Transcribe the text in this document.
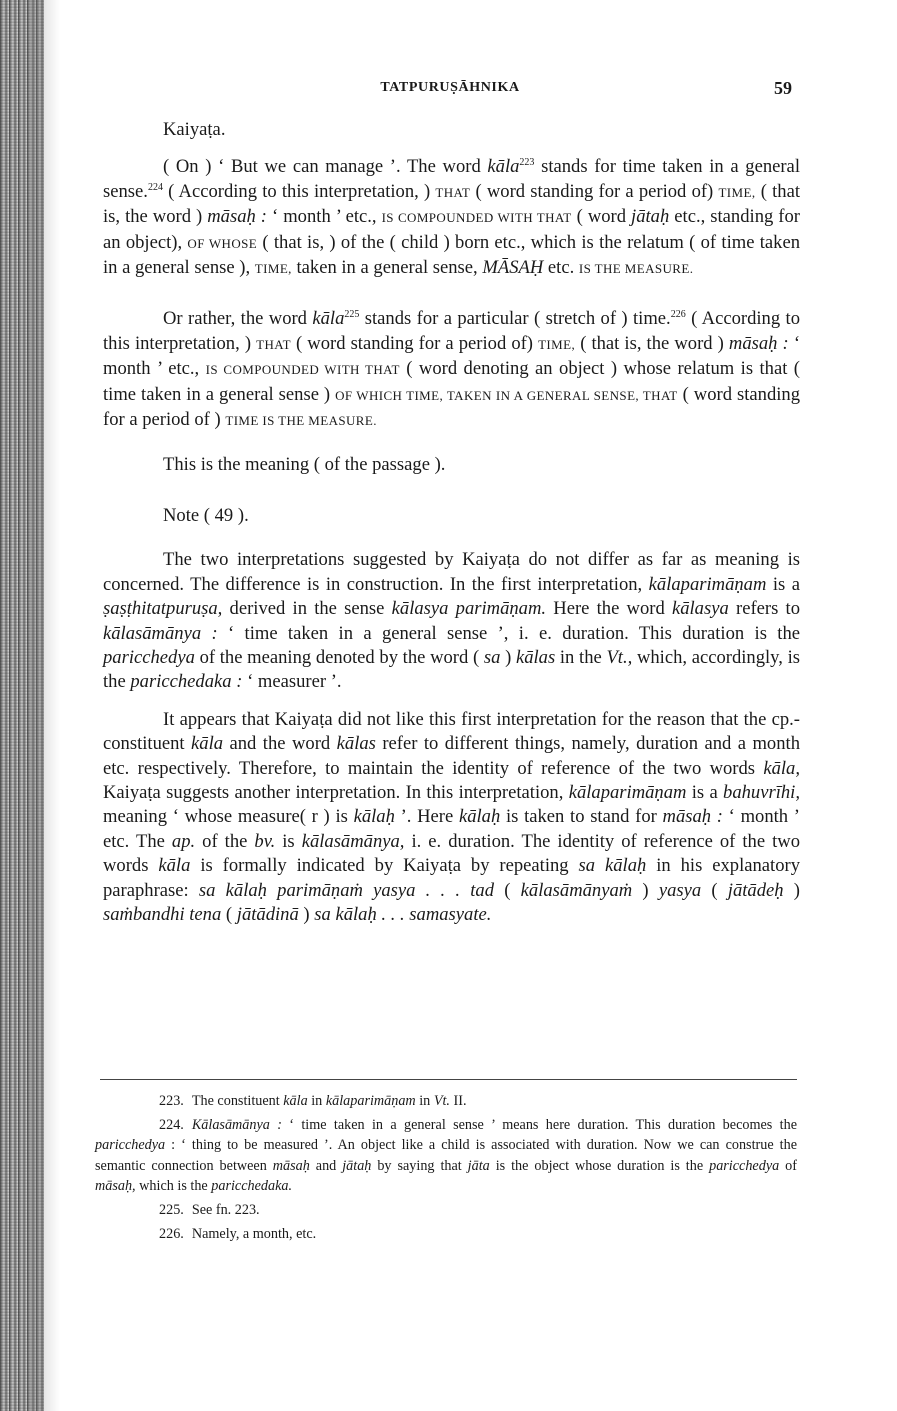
TATPURUṢĀHNIKA	59

Kaiyaṭa.

( On ) ‘ But we can manage ’. The word kāla$^{223}$ stands for time taken in a general sense.$^{224}$ ( According to this interpretation, ) THAT ( word standing for a period of) TIME, ( that is, the word ) māsaḥ : ‘ month ’ etc., IS COMPOUNDED WITH THAT ( word jātaḥ etc., standing for an object), OF WHOSE ( that is, ) of the ( child ) born etc., which is the relatum ( of time taken in a general sense ), TIME, taken in a general sense, MĀSAḤ etc. IS THE MEASURE.

Or rather, the word kāla$^{225}$ stands for a particular ( stretch of ) time.$^{226}$ ( According to this interpretation, ) THAT ( word standing for a period of) TIME, ( that is, the word ) māsaḥ : ‘ month ’ etc., IS COMPOUNDED WITH THAT ( word denoting an object ) whose relatum is that ( time taken in a general sense ) OF WHICH TIME, TAKEN IN A GENERAL SENSE, THAT ( word standing for a period of ) TIME IS THE MEASURE.

This is the meaning ( of the passage ).

Note ( 49 ).

The two interpretations suggested by Kaiyaṭa do not differ as far as meaning is concerned. The difference is in construction. In the first interpretation, kālaparimāṇam is a ṣaṣṭhitatpuruṣa, derived in the sense kālasya parimāṇam. Here the word kālasya refers to kālasāmānya : ‘ time taken in a general sense ’, i. e. duration. This duration is the paricchedya of the meaning denoted by the word ( sa ) kālas in the Vt., which, accordingly, is the paricchedaka : ‘ measurer ’.

It appears that Kaiyaṭa did not like this first interpretation for the reason that the cp.-constituent kāla and the word kālas refer to different things, namely, duration and a month etc. respectively. Therefore, to maintain the identity of reference of the two words kāla, Kaiyaṭa suggests another interpretation. In this interpretation, kālaparimāṇam is a bahuvrīhi, meaning ‘ whose measure( r ) is kālaḥ ’. Here kālaḥ is taken to stand for māsaḥ : ‘ month ’ etc. The ap. of the bv. is kālasāmānya, i. e. duration. The identity of reference of the two words kāla is formally indicated by Kaiyaṭa by repeating sa kālaḥ in his explanatory paraphrase: sa kālaḥ parimāṇaṁ yasya . . . tad ( kālasāmānyaṁ ) yasya ( jātādeḥ ) saṁbandhi tena ( jātādinā ) sa kālaḥ . . . samasyate.

223. The constituent kāla in kālaparimāṇam in Vt. II.

224. Kālasāmānya : ‘ time taken in a general sense ’ means here duration. This duration becomes the paricchedya : ‘ thing to be measured ’. An object like a child is associated with duration. Now we can construe the semantic connection between māsaḥ and jātaḥ by saying that jāta is the object whose duration is the paricchedya of māsaḥ, which is the paricchedaka.

225. See fn. 223.

226. Namely, a month, etc.
